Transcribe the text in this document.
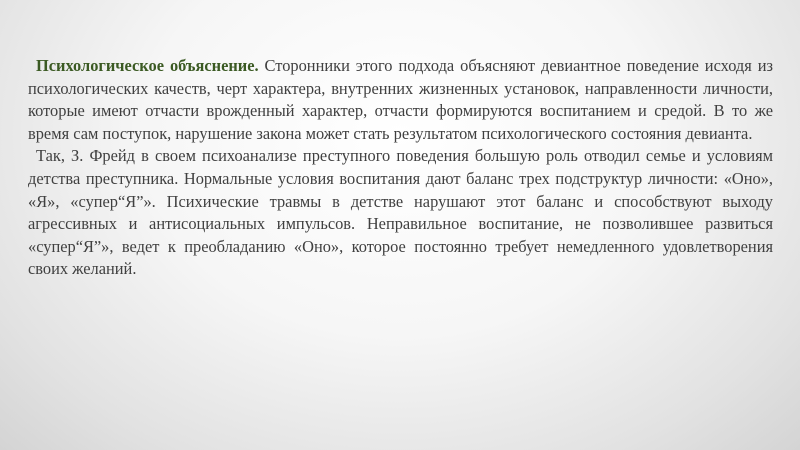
Психологическое объяснение. Сторонники этого подхода объясняют девиантное поведение исходя из психологических качеств, черт характера, внутренних жизненных установок, направленности личности, которые имеют отчасти врожденный характер, отчасти формируются воспитанием и средой. В то же время сам поступок, нарушение закона может стать результатом психологического состояния девианта.

Так, З. Фрейд в своем психоанализе преступного поведения большую роль отводил семье и условиям детства преступника. Нормальные условия воспитания дают баланс трех подструктур личности: «Оно», «Я», «супер“Я”». Психические травмы в детстве нарушают этот баланс и способствуют выходу агрессивных и антисоциальных импульсов. Неправильное воспитание, не позволившее развиться «супер“Я”», ведет к преобладанию «Оно», которое постоянно требует немедленного удовлетворения своих желаний.
